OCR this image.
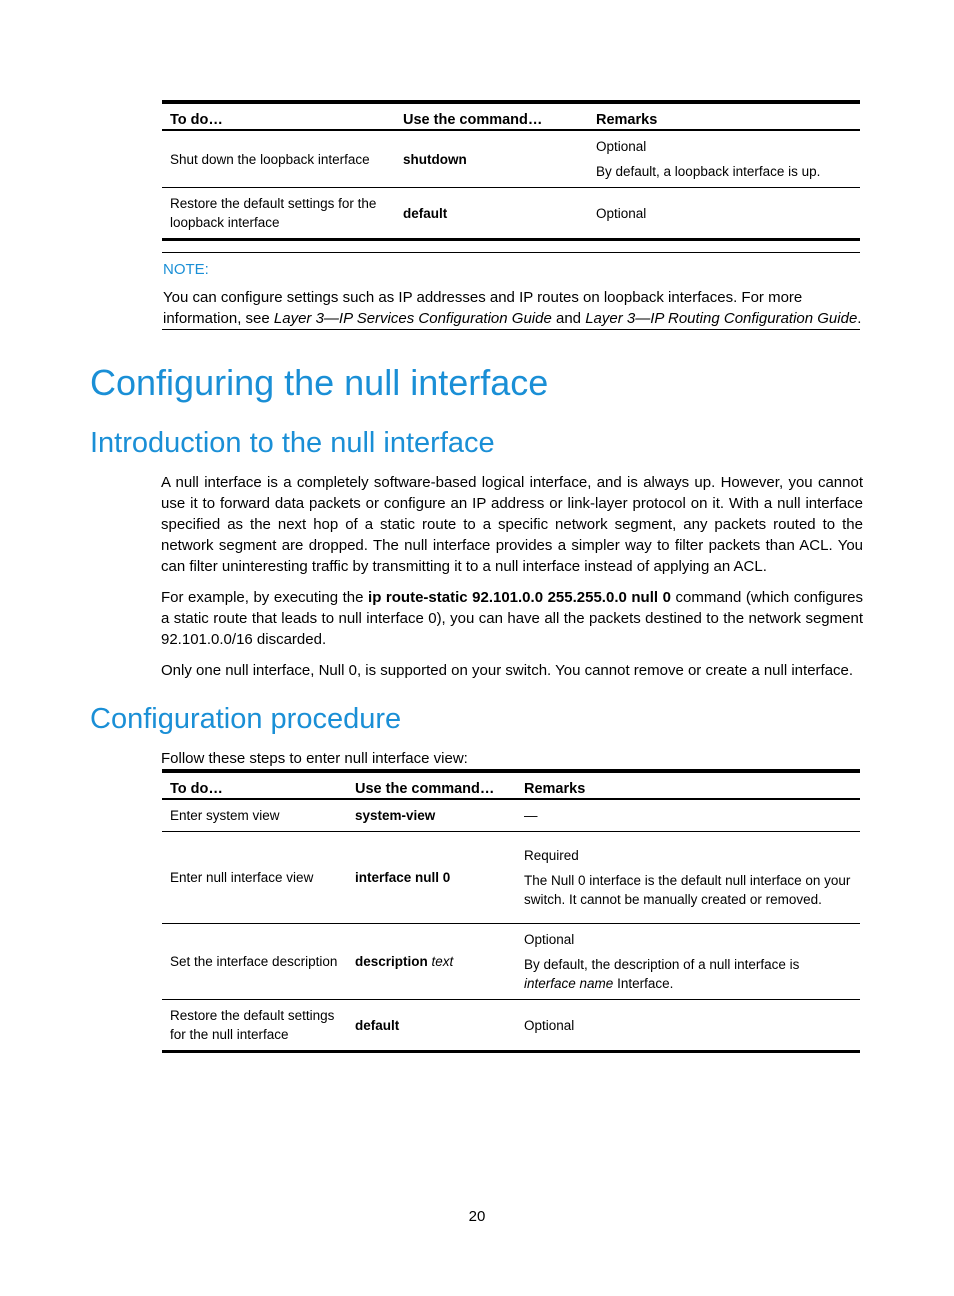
To do…	Use the command…	Remarks
Shut down the loopback interface	shutdown	Optional

By default, a loopback interface is up.

Restore the default settings for the loopback interface	default	Optional
NOTE:

You can configure settings such as IP addresses and IP routes on loopback interfaces. For more information, see Layer 3—IP Services Configuration Guide and Layer 3—IP Routing Configuration Guide.

Configuring the null interface
Introduction to the null interface

A null interface is a completely software-based logical interface, and is always up. However, you cannot use it to forward data packets or configure an IP address or link-layer protocol on it. With a null interface specified as the next hop of a static route to a specific network segment, any packets routed to the network segment are dropped. The null interface provides a simpler way to filter packets than ACL. You can filter uninteresting traffic by transmitting it to a null interface instead of applying an ACL.

For example, by executing the ip route-static 92.101.0.0 255.255.0.0 null 0 command (which configures a static route that leads to null interface 0), you can have all the packets destined to the network segment 92.101.0.0/16 discarded.

Only one null interface, Null 0, is supported on your switch. You cannot remove or create a null interface.

Configuration procedure

Follow these steps to enter null interface view:

To do…	Use the command…	Remarks
Enter system view	system-view	—
Enter null interface view	interface null 0	Required

The Null 0 interface is the default null interface on your switch. It cannot be manually created or removed.

Set the interface description	description text	Optional

By default, the description of a null interface is interface name Interface.

Restore the default settings for the null interface	default	Optional
20
